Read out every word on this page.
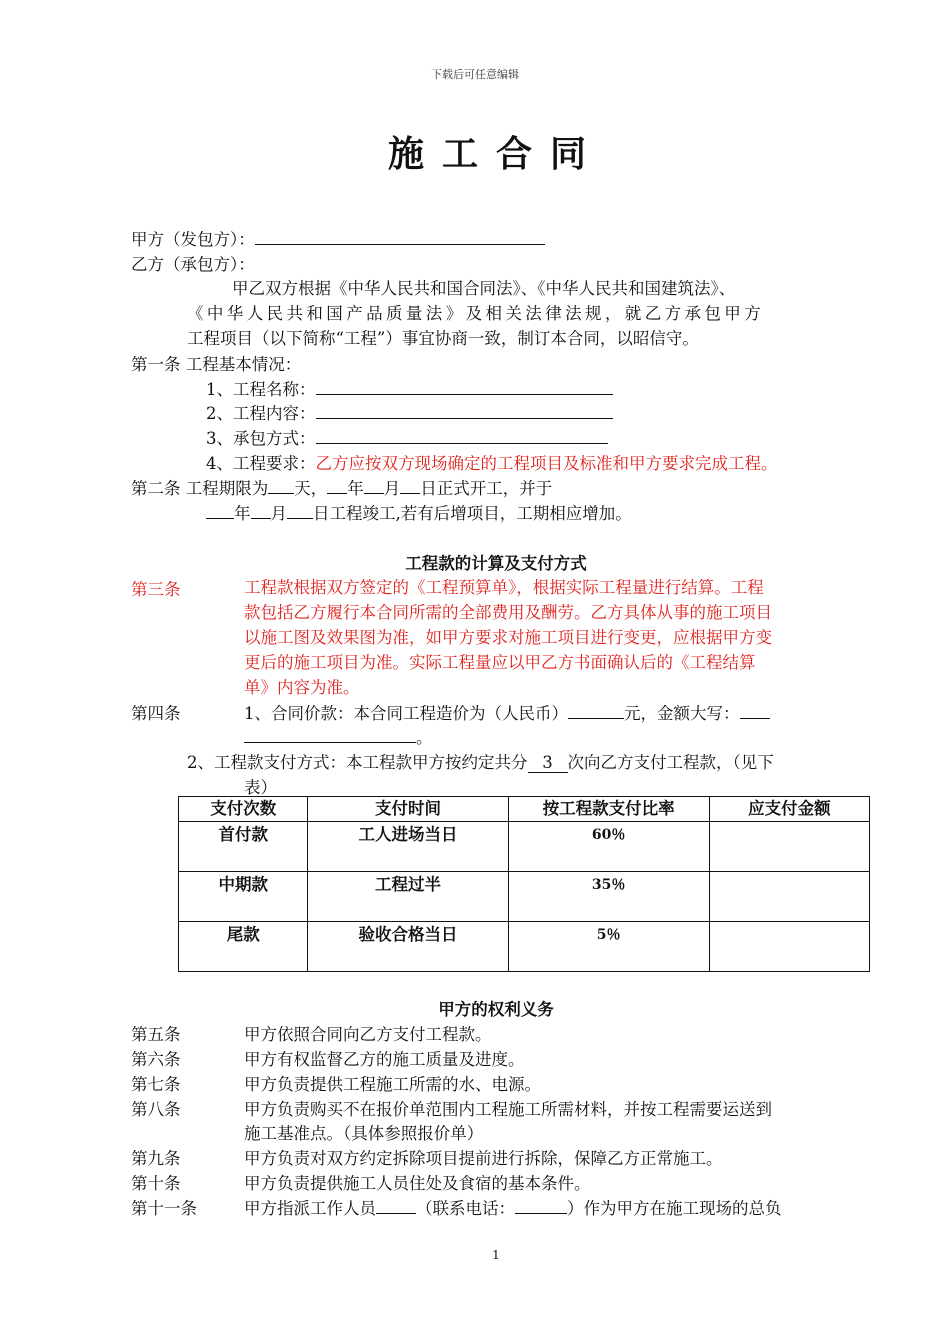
下载后可任意编辑
施工合同
甲方（发包方）：
乙方（承包方）：
甲乙双方根据《中华人民共和国合同法》、《中华人民共和国建筑法》、
《中华人民共和国产品质量法》及相关法律法规，就乙方承包甲方
工程项目（以下简称“工程”）事宜协商一致，制订本合同，以昭信守。
第一条 工程基本情况：
1、工程名称：
2、工程内容：
3、承包方式：
4、工程要求：乙方应按双方现场确定的工程项目及标准和甲方要求完成工程。
第二条 工程期限为 天， 年 月 日正式开工，并于
年 月 日工程竣工,若有后增项目，工期相应增加。
工程款的计算及支付方式
第三条	工程款根据双方签定的《工程预算单》，根据实际工程量进行结算。工程
款包括乙方履行本合同所需的全部费用及酬劳。乙方具体从事的施工项目
以施工图及效果图为准，如甲方要求对施工项目进行变更，应根据甲方变
更后的施工项目为准。实际工程量应以甲乙方书面确认后的《工程结算
单》内容为准。
第四条	1、合同价款：本合同工程造价为（人民币）	元，金额大写：
。
2、工程款支付方式：本工程款甲方按约定共分 3 次向乙方支付工程款，（见下
表）
支付次数	支付时间	按工程款支付比率	应支付金额
首付款	工人进场当日	60％	
中期款	工程过半	35％	
尾款	验收合格当日	5％	
甲方的权利义务
第五条	甲方依照合同向乙方支付工程款。
第六条	甲方有权监督乙方的施工质量及进度。
第七条	甲方负责提供工程施工所需的水、电源。
第八条	甲方负责购买不在报价单范围内工程施工所需材料，并按工程需要运送到
施工基准点。（具体参照报价单）
第九条	甲方负责对双方约定拆除项目提前进行拆除，保障乙方正常施工。
第十条	甲方负责提供施工人员住处及食宿的基本条件。
第十一条	甲方指派工作人员 （联系电话：	）作为甲方在施工现场的总负
1
